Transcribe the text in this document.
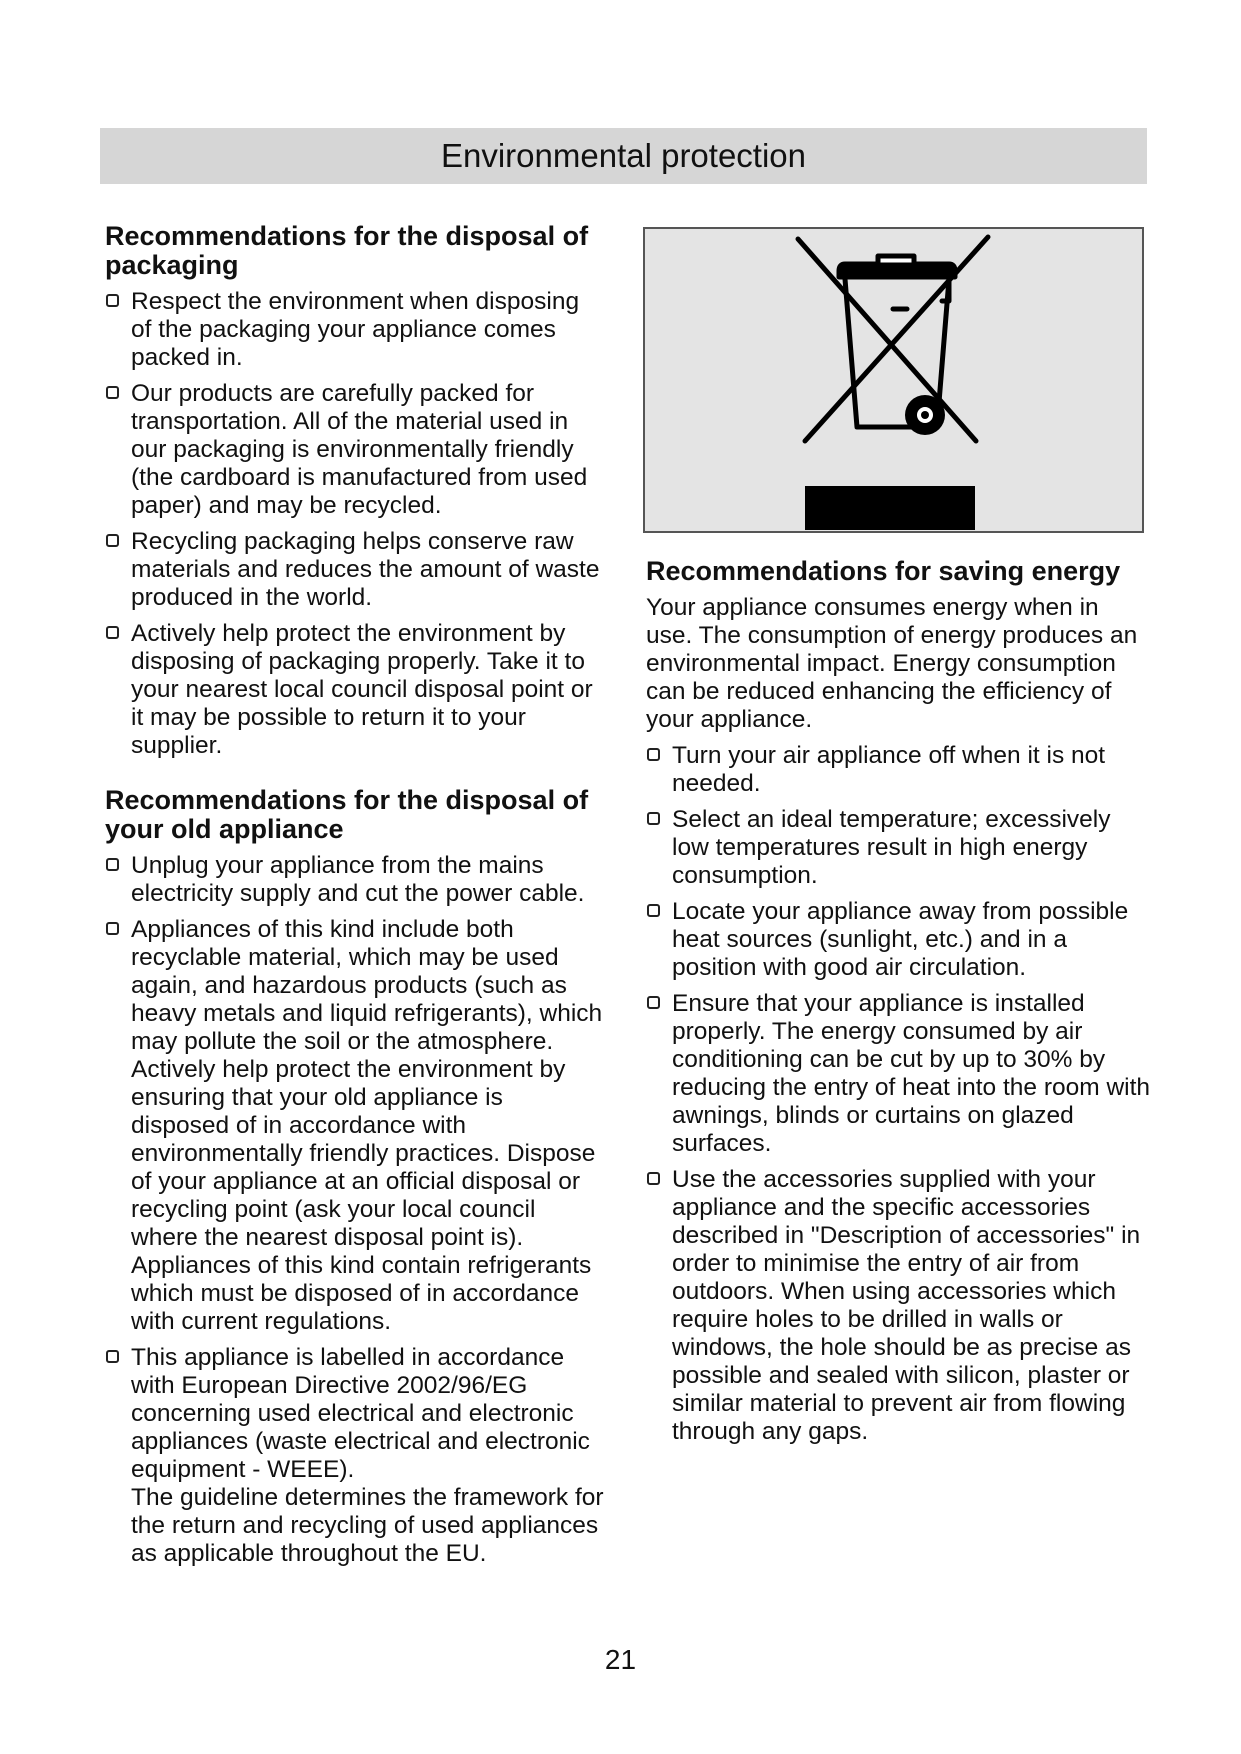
Environmental protection
Recommendations for the disposal of packaging
Respect the environment when disposing of the packaging your appliance comes packed in.
Our products are carefully packed for transportation. All of the material used in our packaging is environmentally friendly (the cardboard is manufactured from used paper) and may be recycled.
Recycling packaging helps conserve raw materials and reduces the amount of waste produced in the world.
Actively help protect the environment by disposing of packaging properly. Take it to your nearest local council disposal point or it may be possible to return it to your supplier.
Recommendations for the disposal of your old appliance
Unplug your appliance from the mains electricity supply and cut the power cable.
Appliances of this kind include both recyclable material, which may be used again, and hazardous products (such as heavy metals and liquid refrigerants), which may pollute the soil or the atmosphere. Actively help protect the environment by ensuring that your old appliance is disposed of in accordance with environmentally friendly practices. Dispose of your appliance at an official disposal or recycling point (ask your local council where the nearest disposal point is). Appliances of this kind contain refrigerants which must be disposed of in accordance with current regulations.
This appliance is labelled in accordance with European Directive 2002/96/EG concerning used electrical and electronic appliances (waste electrical and electronic equipment - WEEE).
The guideline determines the framework for the return and recycling of used appliances as applicable throughout the EU.
Recommendations for saving energy

Your appliance consumes energy when in use. The consumption of energy produces an environmental impact. Energy consumption can be reduced enhancing the efficiency of your appliance.

Turn your air appliance off when it is not needed.
Select an ideal temperature; excessively low temperatures result in high energy consumption.
Locate your appliance away from possible heat sources (sunlight, etc.) and in a position with good air circulation.
Ensure that your appliance is installed properly. The energy consumed by air conditioning can be cut by up to 30% by reducing the entry of heat into the room with awnings, blinds or curtains on glazed surfaces.
Use the accessories supplied with your appliance and the specific accessories described in "Description of accessories" in order to minimise the entry of air from outdoors. When using accessories which require holes to be drilled in walls or windows, the hole should be as precise as possible and sealed with silicon, plaster or similar material to prevent air from flowing through any gaps.
21
